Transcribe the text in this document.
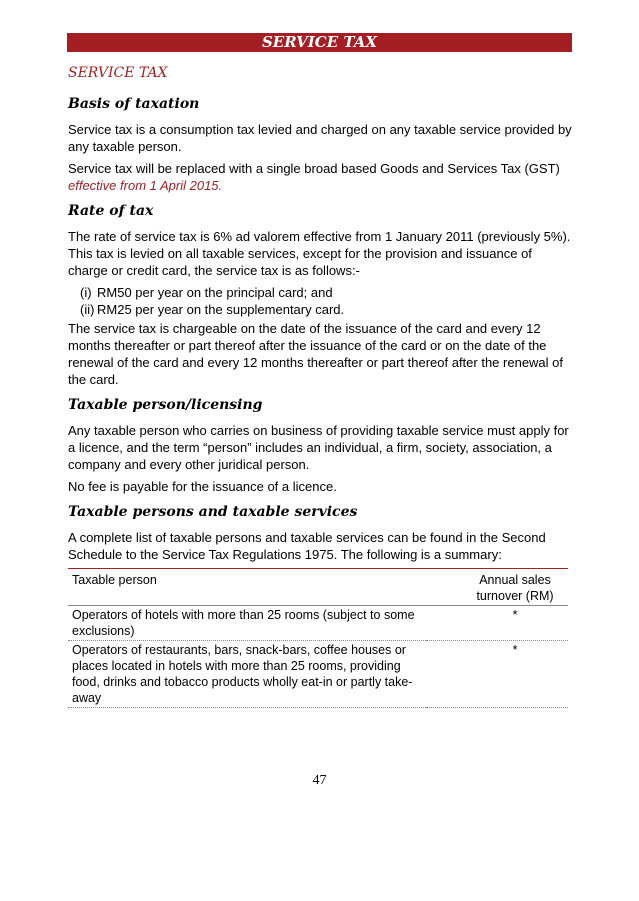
SERVICE TAX
SERVICE TAX
Basis of taxation

Service tax is a consumption tax levied and charged on any taxable service provided by any taxable person.

Service tax will be replaced with a single broad based Goods and Services Tax (GST) effective from 1 April 2015.

Rate of tax

The rate of service tax is 6% ad valorem effective from 1 January 2011 (previously 5%). This tax is levied on all taxable services, except for the provision and issuance of charge or credit card, the service tax is as follows:-

(i) RM50 per year on the principal card; and
(ii) RM25 per year on the supplementary card.

The service tax is chargeable on the date of the issuance of the card and every 12 months thereafter or part thereof after the issuance of the card or on the date of the renewal of the card and every 12 months thereafter or part thereof after the renewal of the card.

Taxable person/licensing

Any taxable person who carries on business of providing taxable service must apply for a licence, and the term “person” includes an individual, a firm, society, association, a company and every other juridical person.

No fee is payable for the issuance of a licence.

Taxable persons and taxable services

A complete list of taxable persons and taxable services can be found in the Second Schedule to the Service Tax Regulations 1975. The following is a summary:

Taxable person	Annual sales turnover (RM)
Operators of hotels with more than 25 rooms (subject to some exclusions)	*
Operators of restaurants, bars, snack-bars, coffee houses or places located in hotels with more than 25 rooms, providing food, drinks and tobacco products wholly eat-in or partly take-away	*
47
